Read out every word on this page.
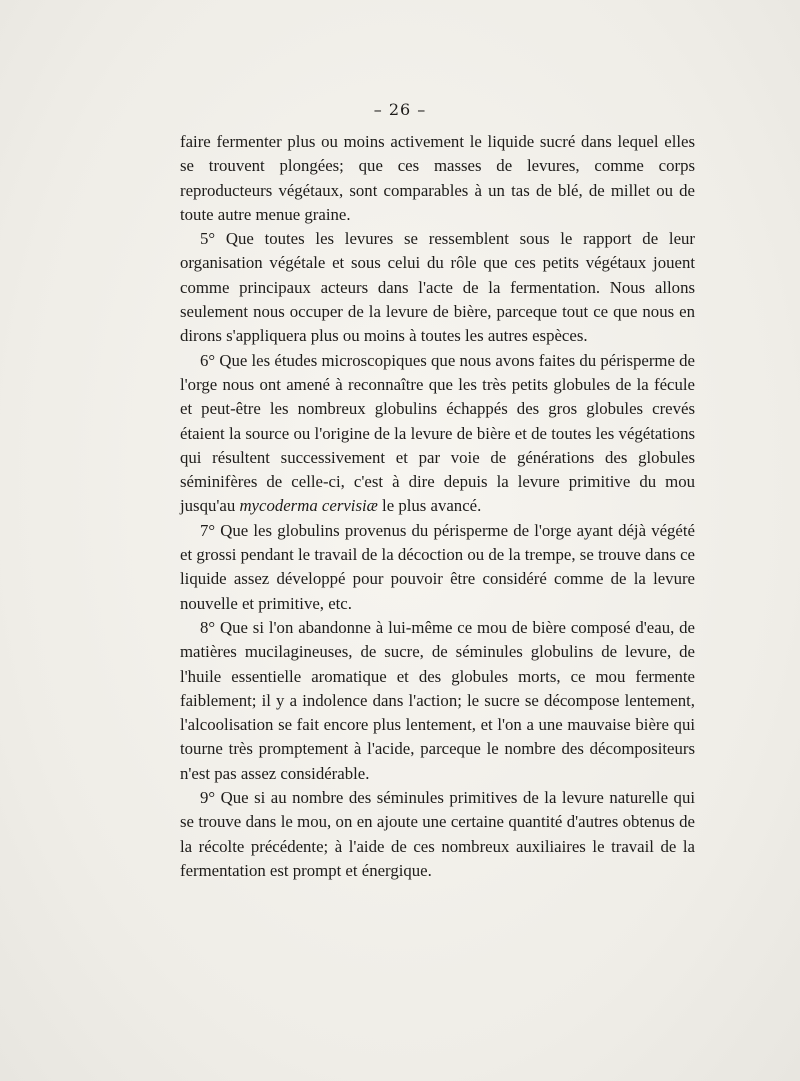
– 26 –

faire fermenter plus ou moins activement le liquide sucré dans lequel elles se trouvent plongées; que ces masses de levures, comme corps reproducteurs végétaux, sont comparables à un tas de blé, de millet ou de toute autre menue graine.

5° Que toutes les levures se ressemblent sous le rapport de leur organisation végétale et sous celui du rôle que ces petits végétaux jouent comme principaux acteurs dans l'acte de la fermentation. Nous allons seulement nous occuper de la levure de bière, parceque tout ce que nous en dirons s'appliquera plus ou moins à toutes les autres espèces.

6° Que les études microscopiques que nous avons faites du périsperme de l'orge nous ont amené à reconnaître que les très petits globules de la fécule et peut-être les nombreux globulins échappés des gros globules crevés étaient la source ou l'origine de la levure de bière et de toutes les végétations qui résultent successivement et par voie de générations des globules séminifères de celle-ci, c'est à dire depuis la levure primitive du mou jusqu'au mycoderma cervisiæ le plus avancé.

7° Que les globulins provenus du périsperme de l'orge ayant déjà végété et grossi pendant le travail de la décoction ou de la trempe, se trouve dans ce liquide assez développé pour pouvoir être considéré comme de la levure nouvelle et primitive, etc.

8° Que si l'on abandonne à lui-même ce mou de bière composé d'eau, de matières mucilagineuses, de sucre, de séminules globulins de levure, de l'huile essentielle aromatique et des globules morts, ce mou fermente faiblement; il y a indolence dans l'action; le sucre se décompose lentement, l'alcoolisation se fait encore plus lentement, et l'on a une mauvaise bière qui tourne très promptement à l'acide, parceque le nombre des décompositeurs n'est pas assez considérable.

9° Que si au nombre des séminules primitives de la levure naturelle qui se trouve dans le mou, on en ajoute une certaine quantité d'autres obtenus de la récolte précédente; à l'aide de ces nombreux auxiliaires le travail de la fermentation est prompt et énergique.
